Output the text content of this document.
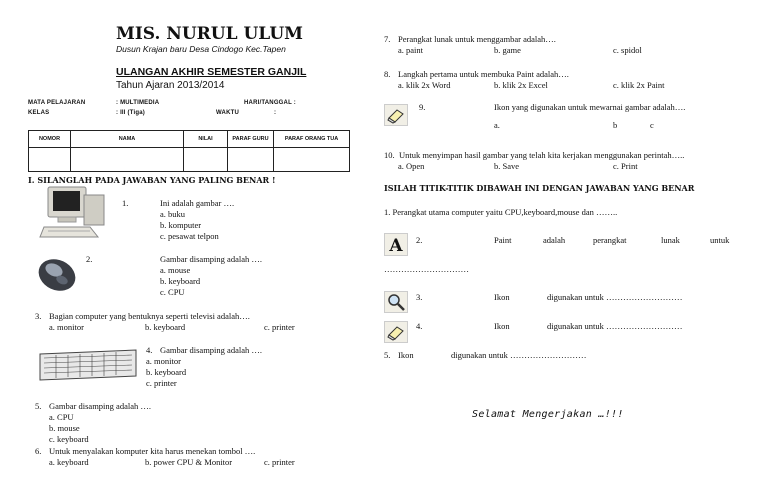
MIS. NURUL ULUM
Dusun Krajan baru Desa Cindogo Kec.Tapen
ULANGAN AKHIR SEMESTER GANJIL
Tahun Ajaran 2013/2014
MATA PELAJARAN	: MULTIMEDIA	HARI/TANGGAL :
KELAS	: III (Tiga)	WAKTU	:
NOMOR	NAMA	NILAI	PARAF GURU	PARAF ORANG TUA

I. SILANGLAH PADA JAWABAN YANG PALING BENAR !
1.	Ini adalah gambar ….
a. buku
b. komputer
c. pesawat telpon
2.	Gambar disamping adalah ….
a. mouse
b. keyboard
c. CPU
3. Bagian computer yang bentuknya seperti televisi adalah….
a. monitor	b. keyboard	c. printer
4. Gambar disamping adalah ….
a. monitor
b. keyboard
c. printer
5. Gambar disamping adalah ….
a. CPU
b. mouse
c. keyboard
6. Untuk menyalakan komputer kita harus menekan tombol ….
a. keyboard	b. power CPU & Monitor	c. printer
7. Perangkat lunak untuk menggambar adalah….
a. paint	b. game	c. spidol
8. Langkah pertama untuk membuka Paint adalah….
a. klik 2x Word	b. klik 2x Excel	c. klik 2x Paint
9.	Ikon yang digunakan untuk mewarnai gambar adalah….
a.	b	c
10. Untuk menyimpan hasil gambar yang telah kita kerjakan menggunakan perintah…..
a. Open	b. Save	c. Print
ISILAH TITIK-TITIK DIBAWAH INI DENGAN JAWABAN YANG BENAR
1. Perangkat utama computer yaitu CPU,keyboard,mouse dan ……..
A 2.	Paint	adalah	perangkat	lunak	untuk
…………………………
3.	Ikon	digunakan untuk ………………………
4.	Ikon	digunakan untuk ………………………
5. Ikon	digunakan untuk ………………………
Selamat Mengerjakan …!!!
